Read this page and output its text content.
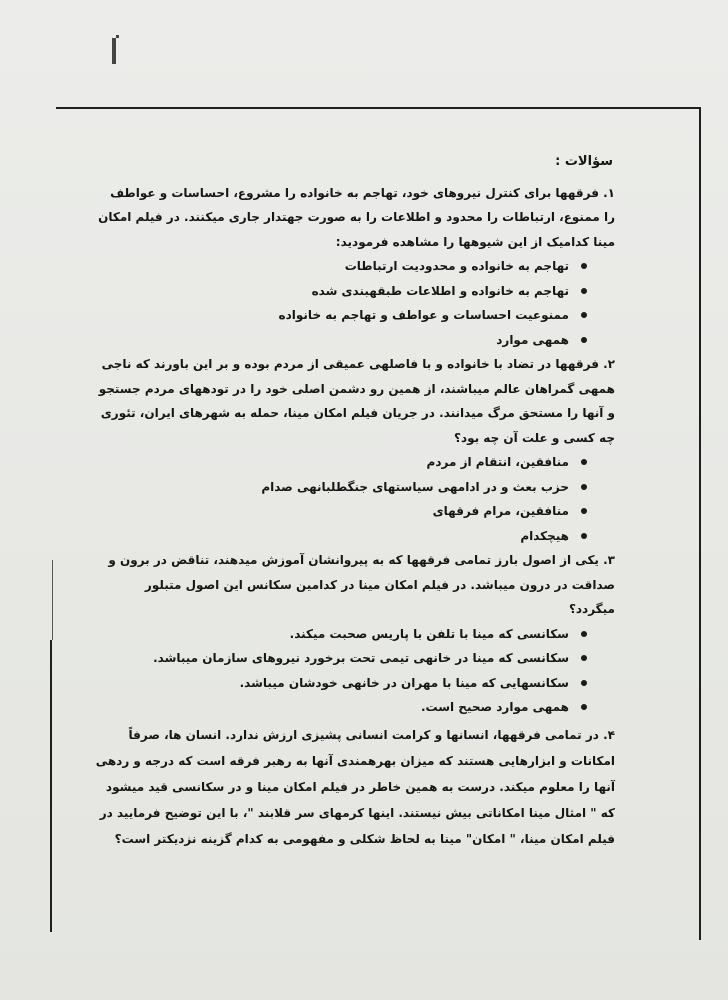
سؤالات :
۱. فرقهها برای کنترل نیروهای خود، تهاجم به خانواده را مشروع، احساسات و عواطف را ممنوع، ارتباطات را محدود و اطلاعات را به صورت جهتدار جاری میکنند. در فیلم امکان مینا کدامیک از این شیوهها را مشاهده فرمودید:
تهاجم به خانواده و محدودیت ارتباطات
تهاجم به خانواده و اطلاعات طبقهبندی شده
ممنوعیت احساسات و عواطف و تهاجم به خانواده
همهی موارد
۲. فرقهها در تضاد با خانواده و با فاصلهی عمیقی از مردم بوده و بر این باورند که ناجی همهی گمراهان عالم میباشند، از همین رو دشمن اصلی خود را در تودههای مردم جستجو و آنها را مستحق مرگ میدانند. در جریان فیلم امکان مینا، حمله به شهرهای ایران، تئوری چه کسی و علت آن چه بود؟
منافقین، انتقام از مردم
حزب بعث و در ادامهی سیاستهای جنگطلبانهی صدام
منافقین، مرام فرقهای
هیچکدام
۳. یکی از اصول بارز تمامی فرقهها که به پیروانشان آموزش میدهند، تناقض در برون و صداقت در درون میباشد. در فیلم امکان مینا در کدامین سکانس این اصول متبلور میگردد؟
سکانسی که مینا با تلفن با پاریس صحبت میکند.
سکانسی که مینا در خانهی تیمی تحت برخورد نیروهای سازمان میباشد.
سکانسهایی که مینا با مهران در خانهی خودشان میباشد.
همهی موارد صحیح است.
۴. در تمامی فرقهها، انسانها و کرامت انسانی پشیزی ارزش ندارد. انسان ها، صرفاً امکانات و ابزارهایی هستند که میزان بهرهمندی آنها به رهبر فرقه است که درجه و ردهی آنها را معلوم میکند. درست به همین خاطر در فیلم امکان مینا و در سکانسی قید میشود که " امثال مینا امکاناتی بیش نیستند. اینها کرمهای سر قلابند "، با این توضیح فرمایید در فیلم امکان مینا، " امکان" مینا به لحاظ شکلی و مفهومی به کدام گزینه نزدیکتر است؟
